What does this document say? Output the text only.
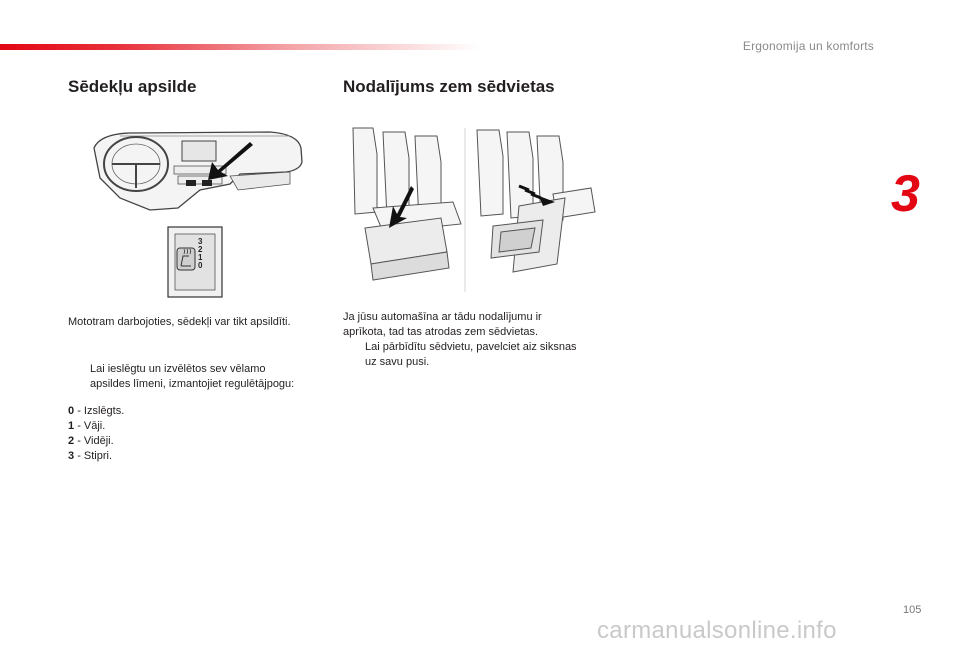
Ergonomija un komforts
3
Sēdekļu apsilde
3
2
1
0
Mototram darbojoties, sēdekļi var tikt apsildīti.
Lai ieslēgtu un izvēlētos sev vēlamo
apsildes līmeni, izmantojiet regulētājpogu:
0 - Izslēgts.
1 - Vāji.
2 - Vidēji.
3 - Stipri.
Nodalījums zem sēdvietas
Ja jūsu automašīna ar tādu nodalījumu ir
aprīkota, tad tas atrodas zem sēdvietas.
Lai pārbīdītu sēdvietu, pavelciet aiz siksnas
uz savu pusi.
105
carmanualsonline.info
